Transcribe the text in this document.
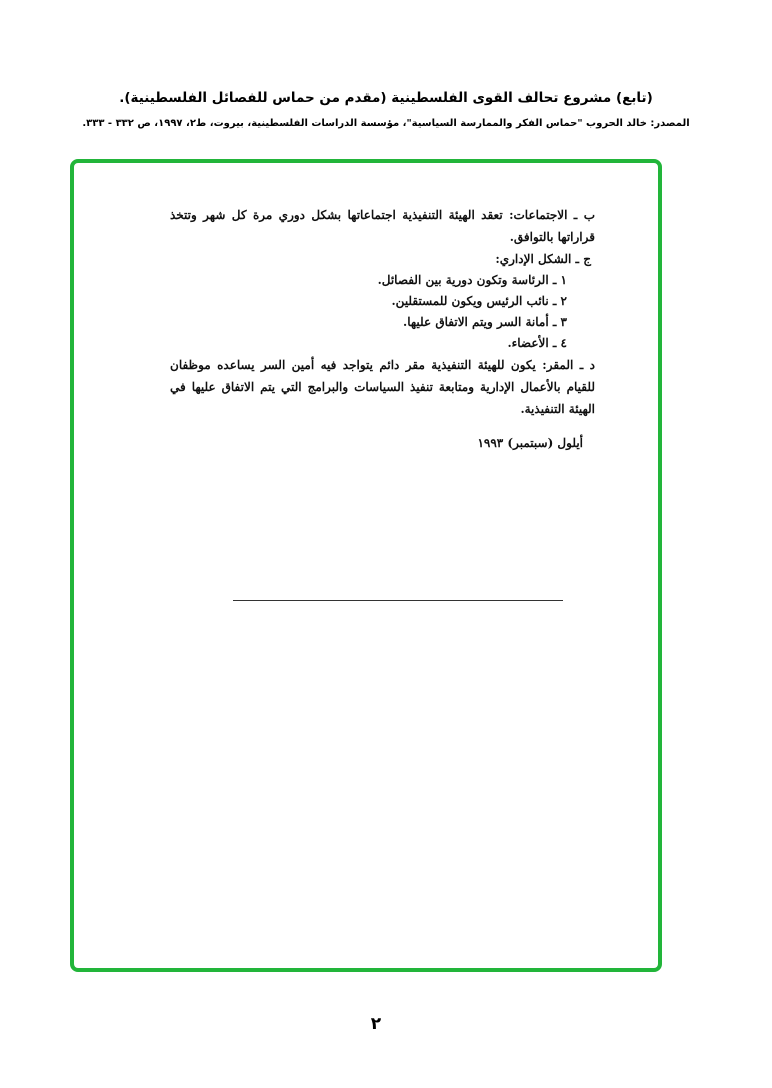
(تابع) مشروع تحالف القوى الفلسطينية (مقدم من حماس للفصائل الفلسطينية).
المصدر: خالد الحروب "حماس الفكر والممارسة السياسية"، مؤسسة الدراسات الفلسطينية، بيروت، ط٢، ١٩٩٧، ص ٣٣٢ - ٣٣٣.

ب ـ الاجتماعات: تعقد الهيئة التنفيذية اجتماعاتها بشكل دوري مرة كل شهر وتتخذ قراراتها بالتوافق.

ج ـ الشكل الإداري:

١ ـ الرئاسة وتكون دورية بين الفصائل.
٢ ـ نائب الرئيس ويكون للمستقلين.
٣ ـ أمانة السر ويتم الاتفاق عليها.
٤ ـ الأعضاء.

د ـ المقر: يكون للهيئة التنفيذية مقر دائم يتواجد فيه أمين السر يساعده موظفان للقيام بالأعمال الإدارية ومتابعة تنفيذ السياسات والبرامج التي يتم الاتفاق عليها في الهيئة التنفيذية.

أيلول (سبتمبر) ١٩٩٣

٢
